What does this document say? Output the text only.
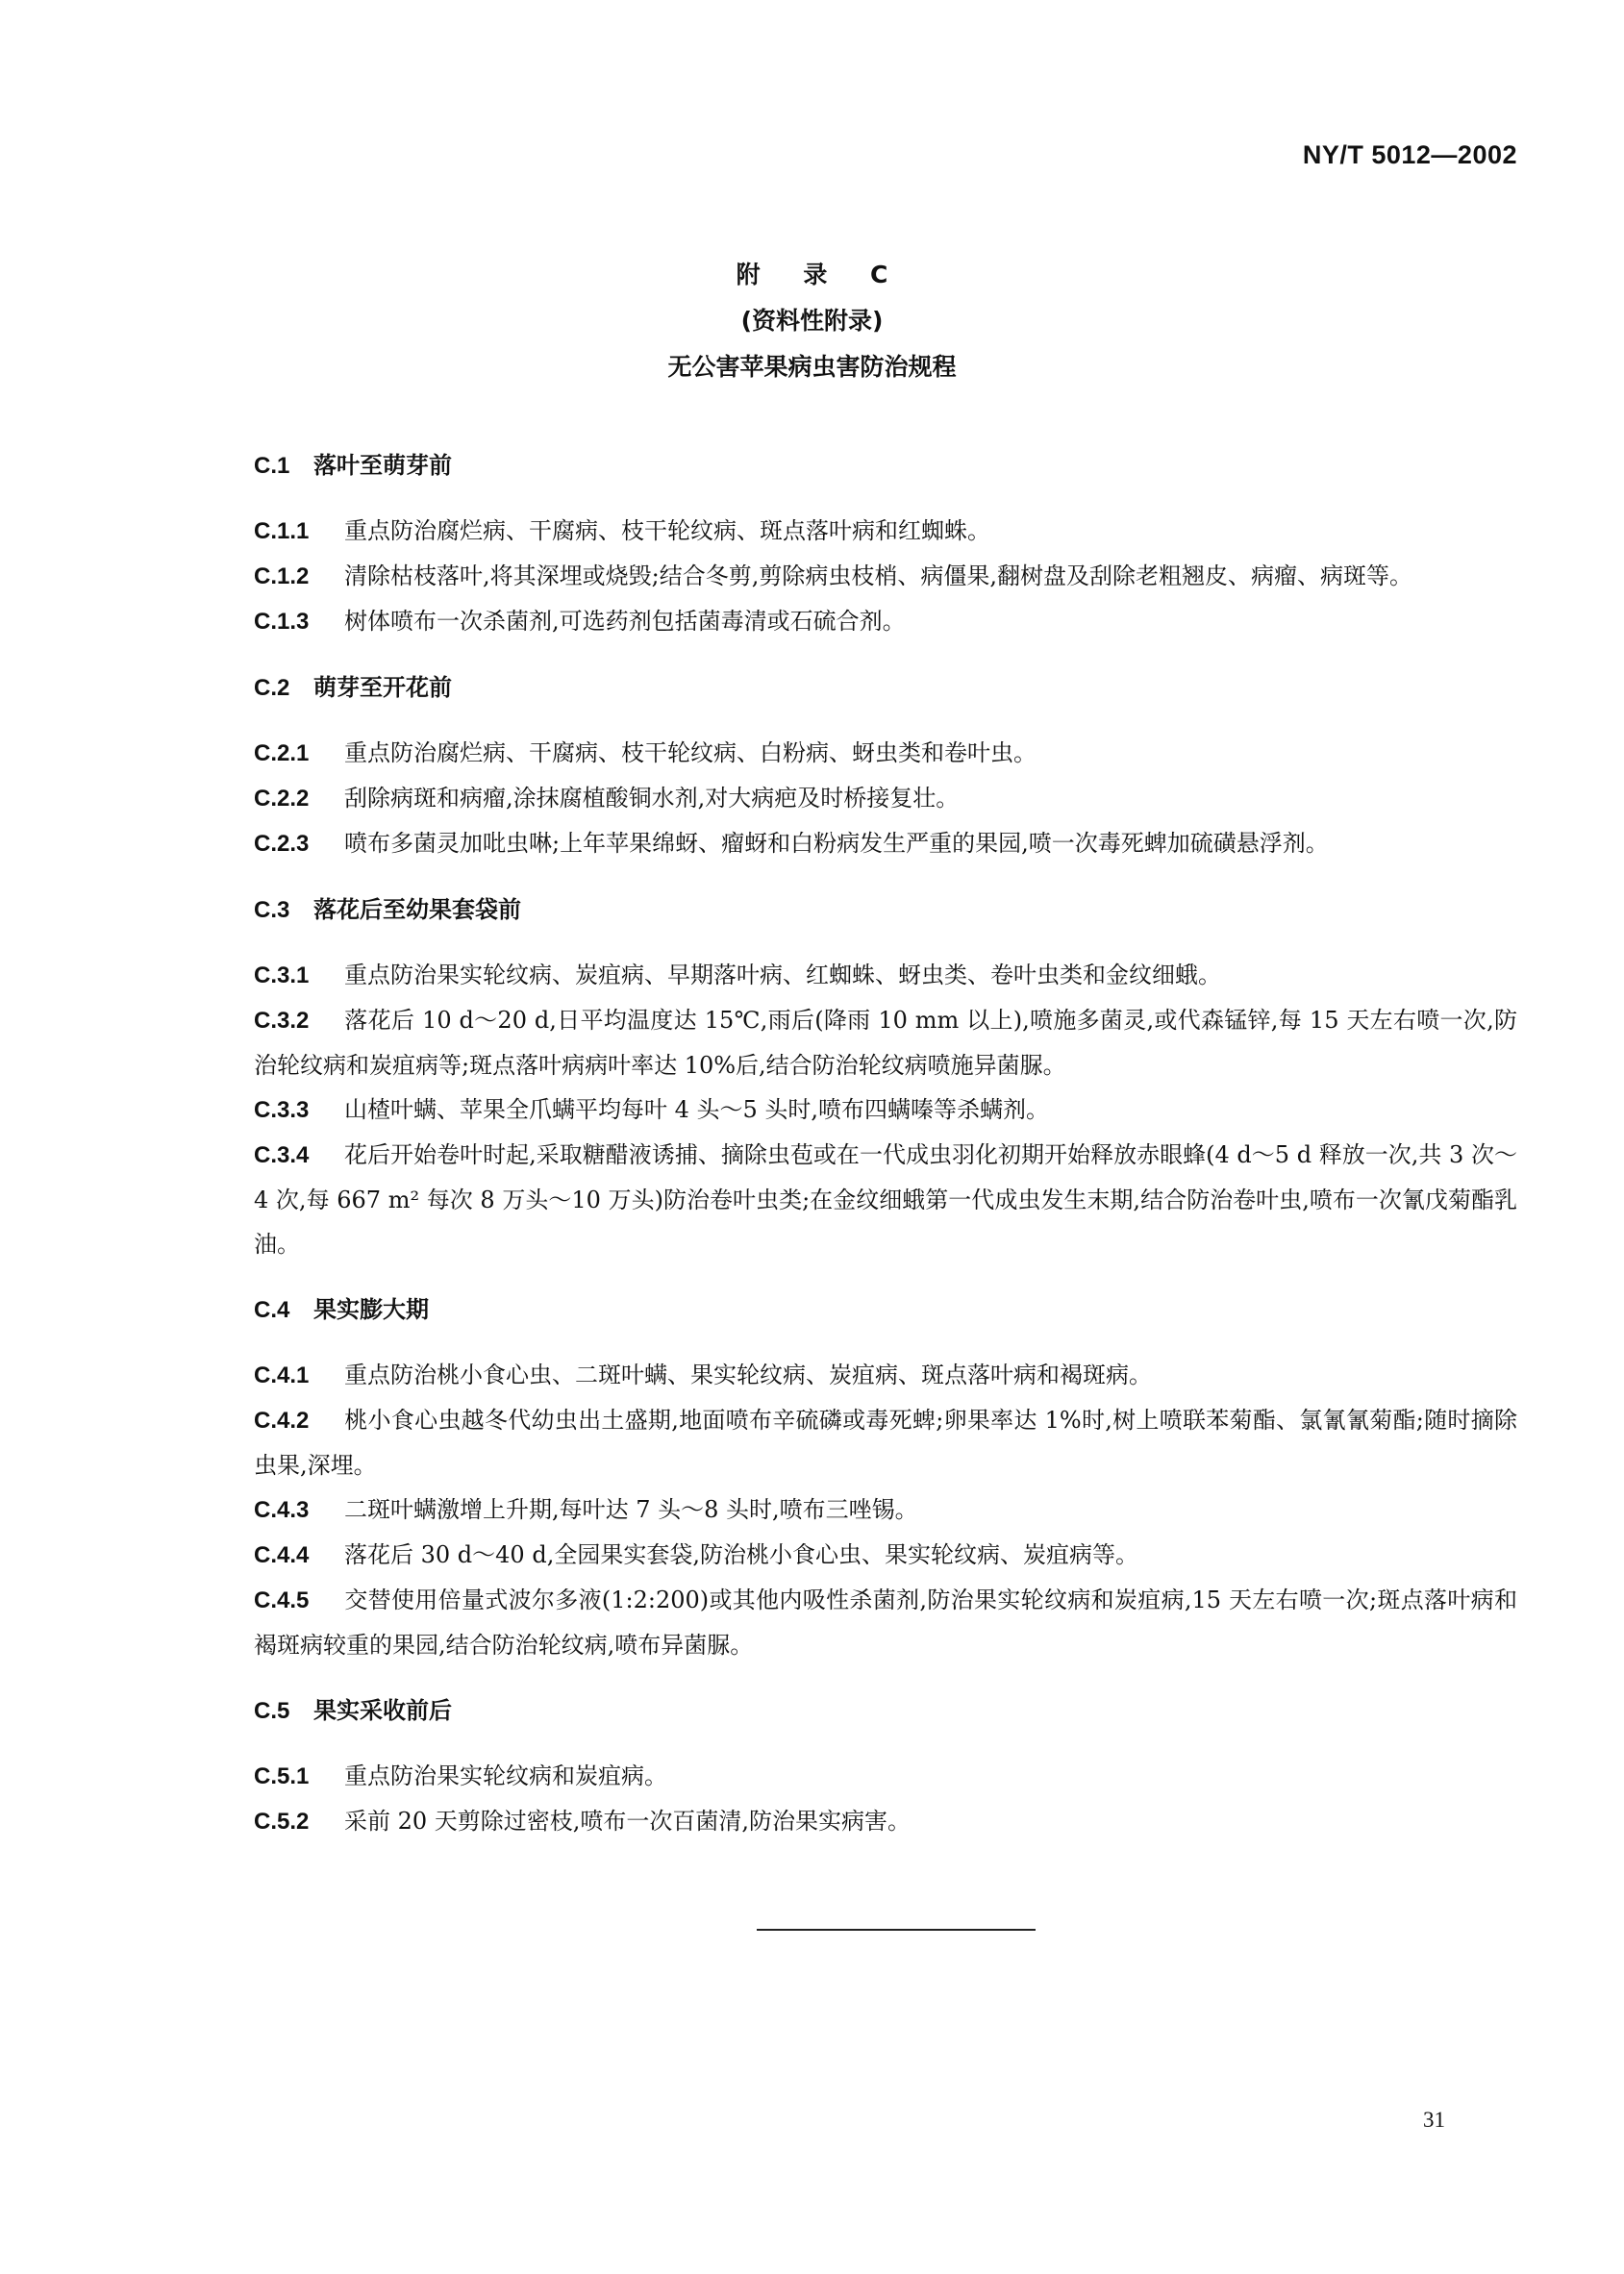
NY/T 5012—2002
附 录 C
(资料性附录)
无公害苹果病虫害防治规程
C.1 落叶至萌芽前

C.1.1 重点防治腐烂病、干腐病、枝干轮纹病、斑点落叶病和红蜘蛛。

C.1.2 清除枯枝落叶,将其深埋或烧毁;结合冬剪,剪除病虫枝梢、病僵果,翻树盘及刮除老粗翘皮、病瘤、病斑等。

C.1.3 树体喷布一次杀菌剂,可选药剂包括菌毒清或石硫合剂。

C.2 萌芽至开花前

C.2.1 重点防治腐烂病、干腐病、枝干轮纹病、白粉病、蚜虫类和卷叶虫。

C.2.2 刮除病斑和病瘤,涂抹腐植酸铜水剂,对大病疤及时桥接复壮。

C.2.3 喷布多菌灵加吡虫啉;上年苹果绵蚜、瘤蚜和白粉病发生严重的果园,喷一次毒死蜱加硫磺悬浮剂。

C.3 落花后至幼果套袋前

C.3.1 重点防治果实轮纹病、炭疽病、早期落叶病、红蜘蛛、蚜虫类、卷叶虫类和金纹细蛾。

C.3.2 落花后 10 d～20 d,日平均温度达 15℃,雨后(降雨 10 mm 以上),喷施多菌灵,或代森锰锌,每 15 天左右喷一次,防治轮纹病和炭疽病等;斑点落叶病病叶率达 10%后,结合防治轮纹病喷施异菌脲。

C.3.3 山楂叶螨、苹果全爪螨平均每叶 4 头～5 头时,喷布四螨嗪等杀螨剂。

C.3.4 花后开始卷叶时起,采取糖醋液诱捕、摘除虫苞或在一代成虫羽化初期开始释放赤眼蜂(4 d～5 d 释放一次,共 3 次～4 次,每 667 m² 每次 8 万头～10 万头)防治卷叶虫类;在金纹细蛾第一代成虫发生末期,结合防治卷叶虫,喷布一次氰戊菊酯乳油。

C.4 果实膨大期

C.4.1 重点防治桃小食心虫、二斑叶螨、果实轮纹病、炭疽病、斑点落叶病和褐斑病。

C.4.2 桃小食心虫越冬代幼虫出土盛期,地面喷布辛硫磷或毒死蜱;卵果率达 1%时,树上喷联苯菊酯、氯氰氰菊酯;随时摘除虫果,深埋。

C.4.3 二斑叶螨激增上升期,每叶达 7 头～8 头时,喷布三唑锡。

C.4.4 落花后 30 d～40 d,全园果实套袋,防治桃小食心虫、果实轮纹病、炭疽病等。

C.4.5 交替使用倍量式波尔多液(1:2:200)或其他内吸性杀菌剂,防治果实轮纹病和炭疽病,15 天左右喷一次;斑点落叶病和褐斑病较重的果园,结合防治轮纹病,喷布异菌脲。

C.5 果实采收前后

C.5.1 重点防治果实轮纹病和炭疽病。

C.5.2 采前 20 天剪除过密枝,喷布一次百菌清,防治果实病害。

31
